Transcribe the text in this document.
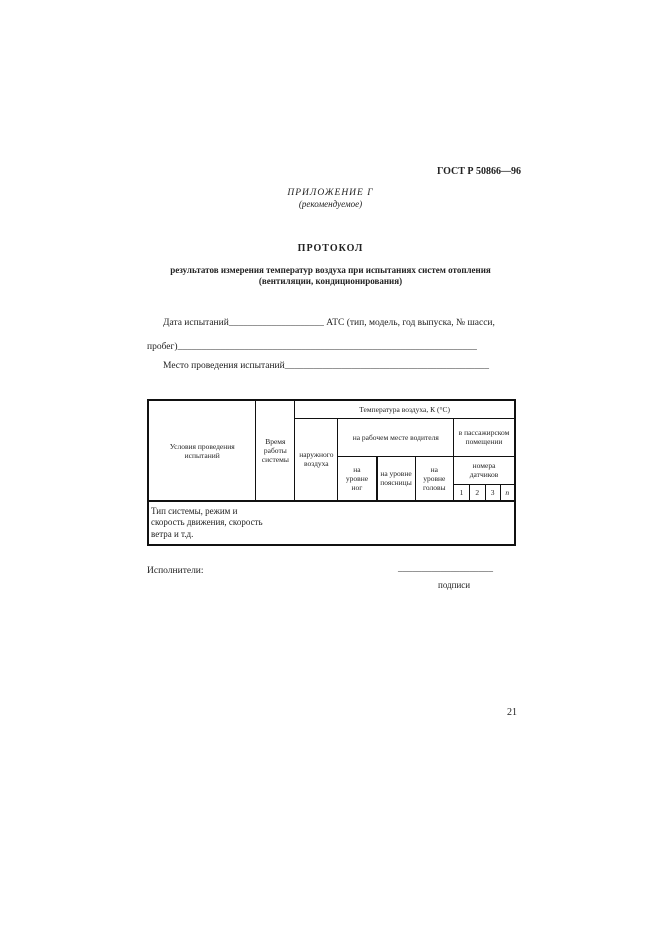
ГОСТ Р 50866—96
ПРИЛОЖЕНИЕ Г
(рекомендуемое)
ПРОТОКОЛ
результатов измерения температур воздуха при испытаниях систем отопления
(вентиляции, кондиционирования)
Дата испытаний____________________ АТС (тип, модель, год выпуска, № шасси,
пробег)_______________________________________________________________
Место проведения испытаний___________________________________________
Условия проведения испытаний	Время работы системы	Температура воздуха, К (°С)							
		наружного воздуха	на рабочем месте водителя			в пассажирском помещении			
			на уровне ног	на уровне поясницы	на уровне головы	номера датчиков			
						1	2	3	n

Тип системы, режим и скорость движения, скорость ветра и т.д.									
Исполнители:	____________________
подписи
21
